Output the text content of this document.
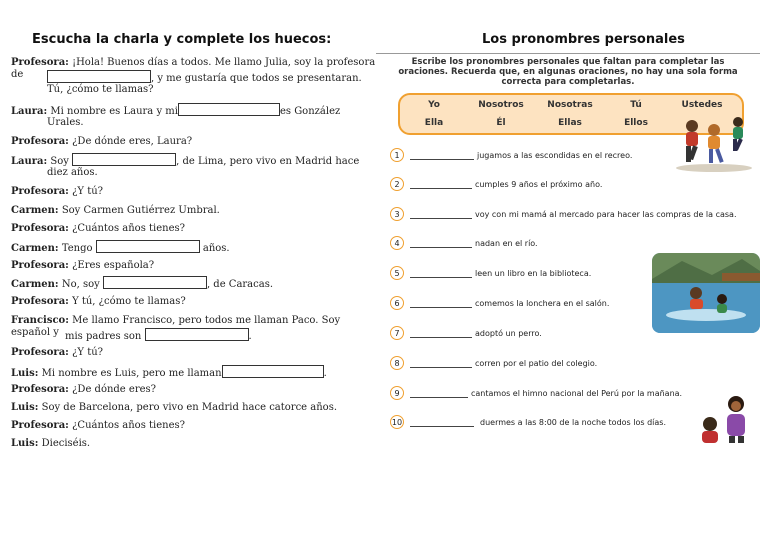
Escucha la charla y complete los huecos:
Profesora: ¡Hola! Buenos días a todos. Me llamo Julia, soy la profesora de	, y me gustaría que todos se presentaran.
Tú, ¿cómo te llamas?
Laura: Mi nombre es Laura y mi	es González
Urales.
Profesora: ¿De dónde eres, Laura?
Laura: Soy	, de Lima, pero vivo en Madrid hace
diez años.
Profesora: ¿Y tú?
Carmen: Soy Carmen Gutiérrez Umbral.
Profesora: ¿Cuántos años tienes?
Carmen: Tengo	años.
Profesora: ¿Eres española?
Carmen: No, soy	, de Caracas.
Profesora: Y tú, ¿cómo te llamas?
Francisco: Me llamo Francisco, pero todos me llaman Paco. Soy español y mis padres son	.
Profesora: ¿Y tú?
Luis: Mi nombre es Luis, pero me llaman	.
Profesora: ¿De dónde eres?
Luis: Soy de Barcelona, pero vivo en Madrid hace catorce años.
Profesora: ¿Cuántos años tienes?
Luis: Dieciséis.
Los pronombres personales
Escribe los pronombres personales que faltan para completar las oraciones. Recuerda que, en algunas oraciones, no hay una sola forma correcta para completarlas.
Yo	Nosotros	Nosotras	Tú	Ustedes
Ella	Él	Ellas	Ellos
1	jugamos a las escondidas en el recreo.
2	cumples 9 años el próximo año.
3	voy con mi mamá al mercado para hacer las compras de la casa.
4	nadan en el río.
5	leen un libro en la biblioteca.
6	comemos la lonchera en el salón.
7	adoptó un perro.
8	corren por el patio del colegio.
9	cantamos el himno nacional del Perú por la mañana.
10	duermes a las 8:00 de la noche todos los días.
